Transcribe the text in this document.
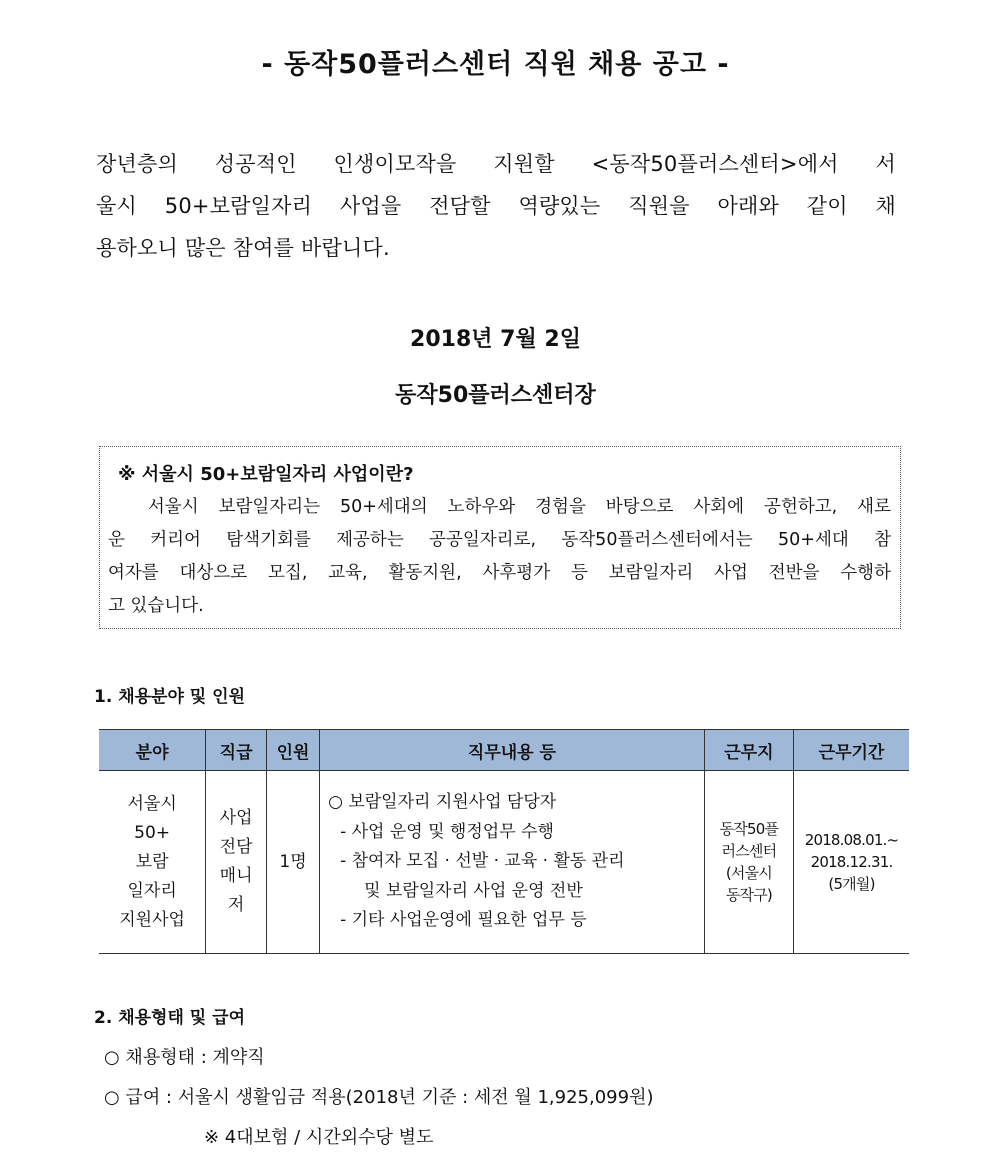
- 동작50플러스센터 직원 채용 공고 -
장년층의 성공적인 인생이모작을 지원할 <동작50플러스센터>에서 서
울시 50+보람일자리 사업을 전담할 역량있는 직원을 아래와 같이 채
용하오니 많은 참여를 바랍니다.
2018년 7월 2일
동작50플러스센터장
※ 서울시 50+보람일자리 사업이란?
서울시 보람일자리는 50+세대의 노하우와 경험을 바탕으로 사회에 공헌하고, 새로
운 커리어 탐색기회를 제공하는 공공일자리로, 동작50플러스센터에서는 50+세대 참
여자를 대상으로 모집, 교육, 활동지원, 사후평가 등 보람일자리 사업 전반을 수행하
고 있습니다.
1. 채용분야 및 인원
분야	직급	인원	직무내용 등	근무지	근무기간

서울시
50+
보람
일자리
지원사업	사업
전담
매니
저	1명	○ 보람일자리 지원사업 담당자
- 사업 운영 및 행정업무 수행
- 참여자 모집 · 선발 · 교육 · 활동 관리
및 보람일자리 사업 운영 전반
- 기타 사업운영에 필요한 업무 등	동작50플
러스센터
(서울시
동작구)	2018.08.01.~
2018.12.31.
(5개월)
2. 채용형태 및 급여
○ 채용형태 : 계약직
○ 급여 : 서울시 생활임금 적용(2018년 기준 : 세전 월 1,925,099원)
※ 4대보험 / 시간외수당 별도
